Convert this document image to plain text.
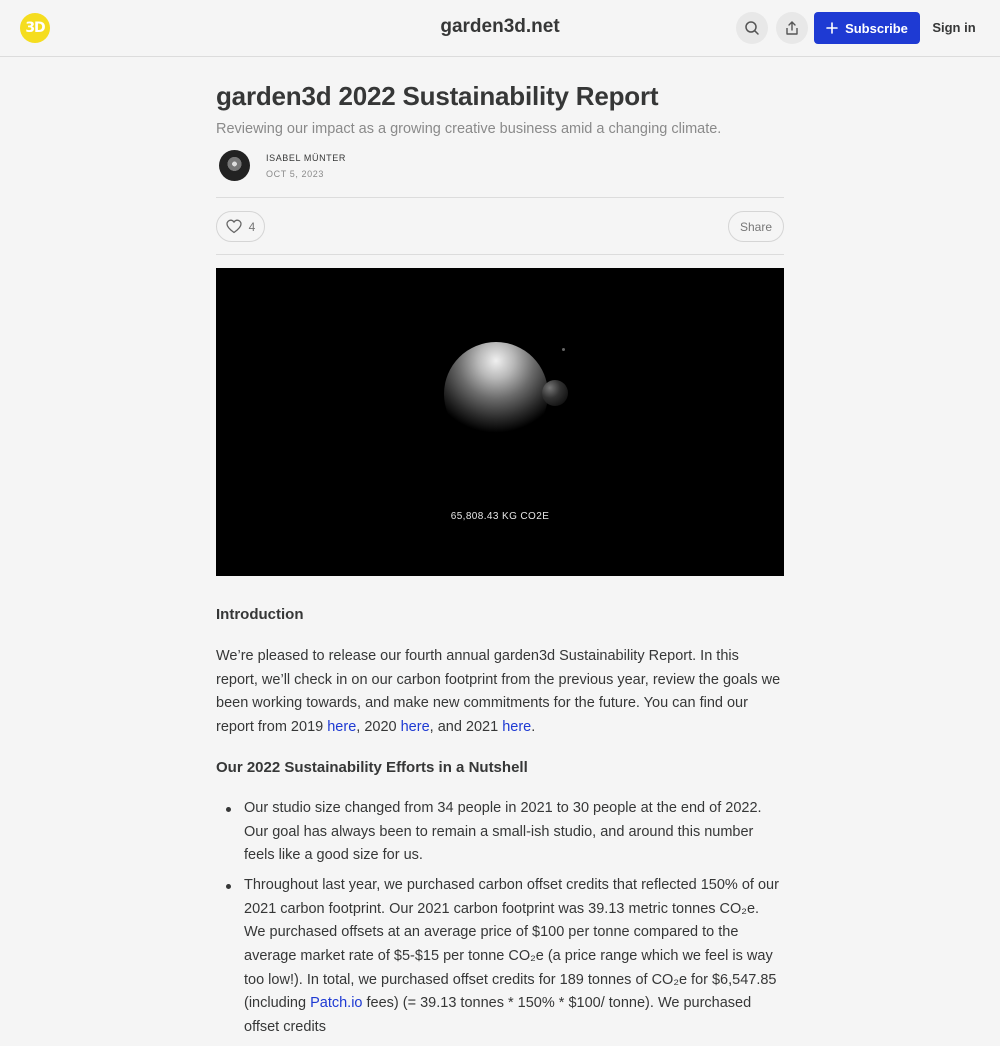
3D	garden3d.net	Subscribe Sign in
garden3d 2022 Sustainability Report
Reviewing our impact as a growing creative business amid a changing climate.
ISABEL MÜNTER
OCT 5, 2023
4	Share
65,808.43 KG CO2E
Introduction

We’re pleased to release our fourth annual garden3d Sustainability Report. In this report, we’ll check in on our carbon footprint from the previous year, review the goals we been working towards, and make new commitments for the future. You can find our report from 2019 here, 2020 here, and 2021 here.

Our 2022 Sustainability Efforts in a Nutshell
Our studio size changed from 34 people in 2021 to 30 people at the end of 2022. Our goal has always been to remain a small-ish studio, and around this number feels like a good size for us.
Throughout last year, we purchased carbon offset credits that reflected 150% of our 2021 carbon footprint. Our 2021 carbon footprint was 39.13 metric tonnes CO₂e. We purchased offsets at an average price of $100 per tonne compared to the average market rate of $5-$15 per tonne CO₂e (a price range which we feel is way too low!). In total, we purchased offset credits for 189 tonnes of CO₂e for $6,547.85 (including Patch.io fees) (= 39.13 tonnes * 150% * $100/ tonne). We purchased offset credits
